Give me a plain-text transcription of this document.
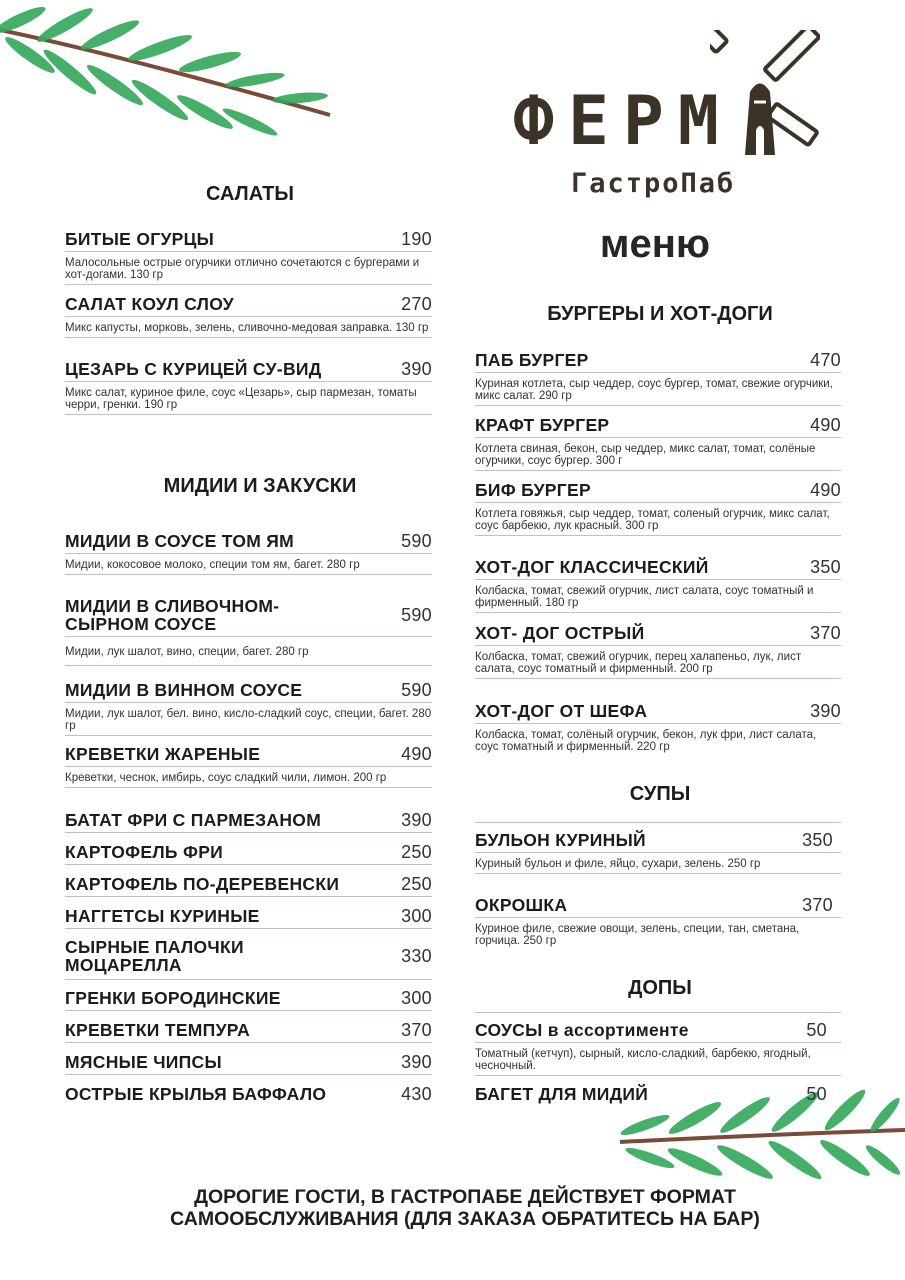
ФЕРМ
ГастроПаб
меню
САЛАТЫ
МИДИИ И ЗАКУСКИ
БУРГЕРЫ И ХОТ-ДОГИ
СУПЫ
ДОПЫ
БИТЫЕ ОГУРЦЫ	190
Малосольные острые огурчики отлично сочетаются с бургерами и хот-догами. 130 гр
САЛАТ КОУЛ СЛОУ	270
Микс капусты, морковь, зелень, сливочно-медовая заправка. 130 гр
ЦЕЗАРЬ С КУРИЦЕЙ СУ-ВИД	390
Микс салат, куриное филе, соус «Цезарь», сыр пармезан, томаты черри, гренки. 190 гр
МИДИИ В СОУСЕ ТОМ ЯМ	590
Мидии, кокосовое молоко, специи том ям, багет. 280 гр
МИДИИ В СЛИВОЧНОМ-СЫРНОМ СОУСЕ	590
Мидии, лук шалот, вино, специи, багет. 280 гр
МИДИИ В ВИННОМ СОУСЕ	590
Мидии, лук шалот, бел. вино, кисло-сладкий соус, специи, багет. 280 гр
КРЕВЕТКИ ЖАРЕНЫЕ	490
Креветки, чеснок, имбирь, соус сладкий чили, лимон. 200 гр
БАТАТ ФРИ С ПАРМЕЗАНОМ	390
КАРТОФЕЛЬ ФРИ	250
КАРТОФЕЛЬ ПО-ДЕРЕВЕНСКИ	250
НАГГЕТСЫ КУРИНЫЕ	300
СЫРНЫЕ ПАЛОЧКИ МОЦАРЕЛЛА	330
ГРЕНКИ БОРОДИНСКИЕ	300
КРЕВЕТКИ ТЕМПУРА	370
МЯСНЫЕ ЧИПСЫ	390
ОСТРЫЕ КРЫЛЬЯ БАФФАЛО	430
ПАБ БУРГЕР	470
Куриная котлета, сыр чеддер, соус бургер, томат, свежие огурчики, микс салат. 290 гр
КРАФТ БУРГЕР	490
Котлета свиная, бекон, сыр чеддер, микс салат, томат, солёные огурчики, соус бургер. 300 г
БИФ БУРГЕР	490
Котлета говяжья, сыр чеддер, томат, соленый огурчик, микс салат, соус барбекю, лук красный. 300 гр
ХОТ-ДОГ КЛАССИЧЕСКИЙ	350
Колбаска, томат, свежий огурчик, лист салата, соус томатный и фирменный. 180 гр
ХОТ- ДОГ ОСТРЫЙ	370
Колбаска, томат, свежий огурчик, перец халапеньо, лук, лист салата, соус томатный и фирменный. 200 гр
ХОТ-ДОГ ОТ ШЕФА	390
Колбаска, томат, солёный огурчик, бекон, лук фри, лист салата, соус томатный и фирменный. 220 гр
БУЛЬОН КУРИНЫЙ	350
Куриный бульон и филе, яйцо, сухари, зелень. 250 гр
ОКРОШКА	370
Куриное филе, свежие овощи, зелень, специи, тан, сметана, горчица. 250 гр
СОУСЫ в ассортименте	50
Томатный (кетчуп), сырный, кисло-сладкий, барбекю, ягодный, чесночный.
БАГЕТ ДЛЯ МИДИЙ	50
ДОРОГИЕ ГОСТИ, В ГАСТРОПАБЕ ДЕЙСТВУЕТ ФОРМАТ
САМООБСЛУЖИВАНИЯ (ДЛЯ ЗАКАЗА ОБРАТИТЕСЬ НА БАР)
